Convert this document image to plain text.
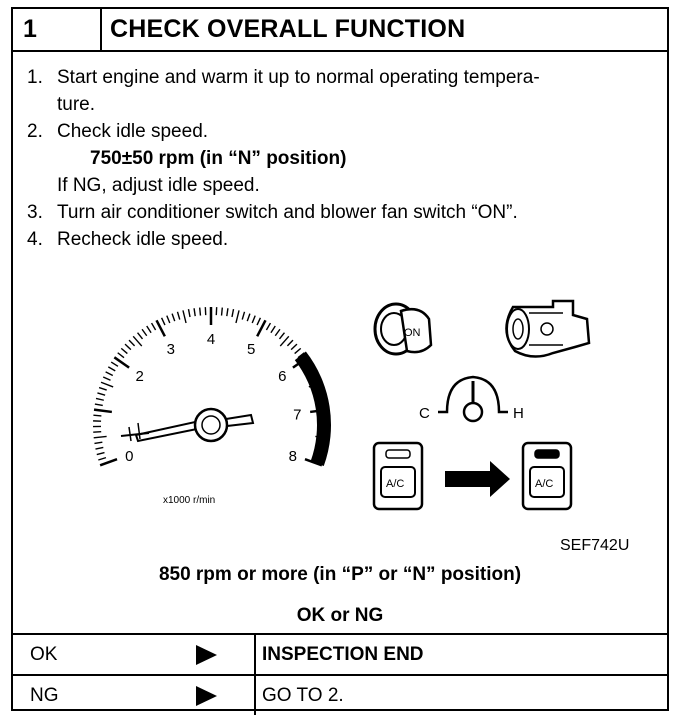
1	CHECK OVERALL FUNCTION
1. Start engine and warm it up to normal operating tempera-
ture.
2. Check idle speed.
750±50 rpm (in “N” position)
If NG, adjust idle speed.
3. Turn air conditioner switch and blower fan switch “ON”.
4. Recheck idle speed.
0
2
3
4
5
6
7
8
x1000 r/min
ON
C	H
A/C	A/C
SEF742U
850 rpm or more (in “P” or “N” position)
OK or NG
OK	INSPECTION END
NG	GO TO 2.
